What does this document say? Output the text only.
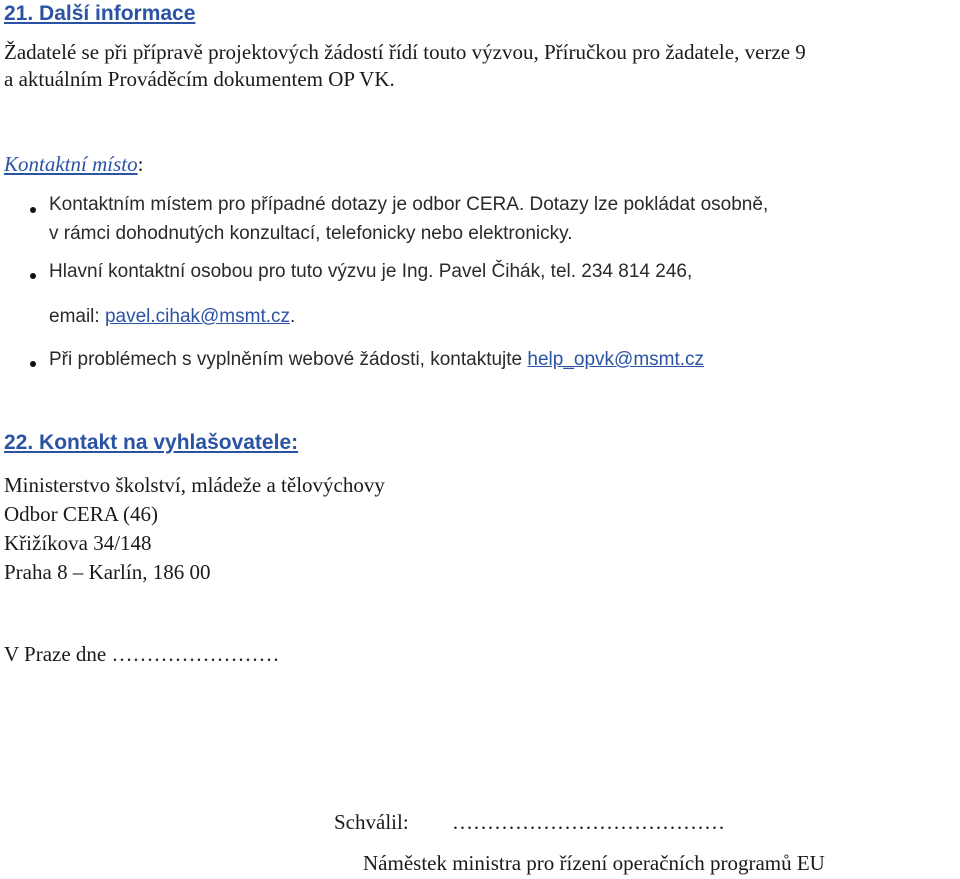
21. Další informace
Žadatelé se při přípravě projektových žádostí řídí touto výzvou, Příručkou pro žadatele, verze 9
a aktuálním Prováděcím dokumentem OP VK.
Kontaktní místo:
Kontaktním místem pro případné dotazy je odbor CERA. Dotazy lze pokládat osobně,
v rámci dohodnutých konzultací, telefonicky nebo elektronicky.
Hlavní kontaktní osobou pro tuto výzvu je Ing. Pavel Čihák, tel. 234 814 246,
email: pavel.cihak@msmt.cz.
Při problémech s vyplněním webové žádosti, kontaktujte help_opvk@msmt.cz
22. Kontakt na vyhlašovatele:
Ministerstvo školství, mládeže a tělovýchovy
Odbor CERA (46)
Křižíkova 34/148
Praha 8 – Karlín, 186 00
V Praze dne ……………………
Schválil: …………………………………
Náměstek ministra pro řízení operačních programů EU
